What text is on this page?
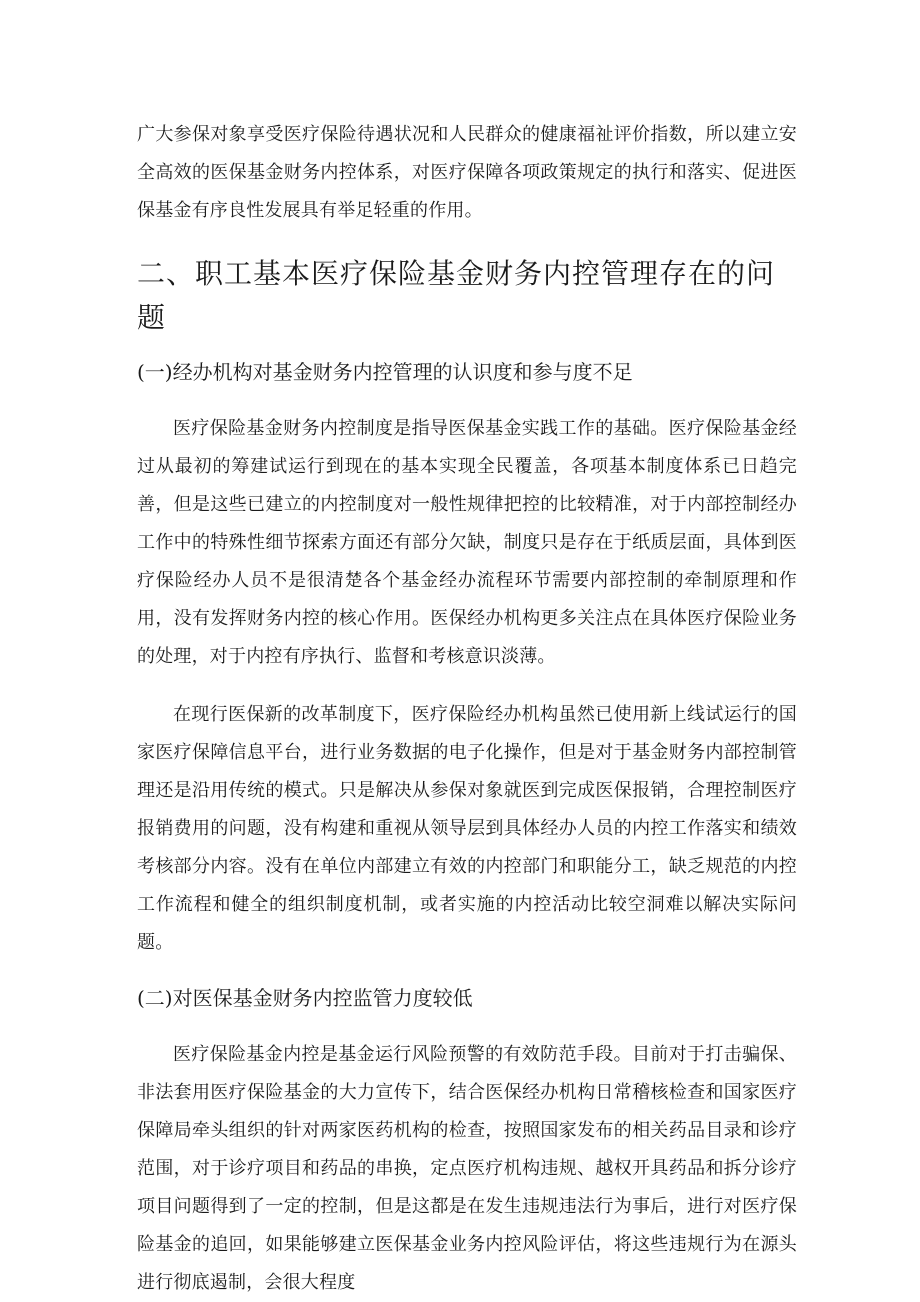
广大参保对象享受医疗保险待遇状况和人民群众的健康福祉评价指数，所以建立安全高效的医保基金财务内控体系，对医疗保障各项政策规定的执行和落实、促进医保基金有序良性发展具有举足轻重的作用。

二、职工基本医疗保险基金财务内控管理存在的问题
(一)经办机构对基金财务内控管理的认识度和参与度不足

医疗保险基金财务内控制度是指导医保基金实践工作的基础。医疗保险基金经过从最初的筹建试运行到现在的基本实现全民覆盖，各项基本制度体系已日趋完善，但是这些已建立的内控制度对一般性规律把控的比较精准，对于内部控制经办工作中的特殊性细节探索方面还有部分欠缺，制度只是存在于纸质层面，具体到医疗保险经办人员不是很清楚各个基金经办流程环节需要内部控制的牵制原理和作用，没有发挥财务内控的核心作用。医保经办机构更多关注点在具体医疗保险业务的处理，对于内控有序执行、监督和考核意识淡薄。

在现行医保新的改革制度下，医疗保险经办机构虽然已使用新上线试运行的国家医疗保障信息平台，进行业务数据的电子化操作，但是对于基金财务内部控制管理还是沿用传统的模式。只是解决从参保对象就医到完成医保报销，合理控制医疗报销费用的问题，没有构建和重视从领导层到具体经办人员的内控工作落实和绩效考核部分内容。没有在单位内部建立有效的内控部门和职能分工，缺乏规范的内控工作流程和健全的组织制度机制，或者实施的内控活动比较空洞难以解决实际问题。

(二)对医保基金财务内控监管力度较低

医疗保险基金内控是基金运行风险预警的有效防范手段。目前对于打击骗保、非法套用医疗保险基金的大力宣传下，结合医保经办机构日常稽核检查和国家医疗保障局牵头组织的针对两家医药机构的检查，按照国家发布的相关药品目录和诊疗范围，对于诊疗项目和药品的串换，定点医疗机构违规、越权开具药品和拆分诊疗项目问题得到了一定的控制，但是这都是在发生违规违法行为事后，进行对医疗保险基金的追回，如果能够建立医保基金业务内控风险评估，将这些违规行为在源头进行彻底遏制，会很大程度
